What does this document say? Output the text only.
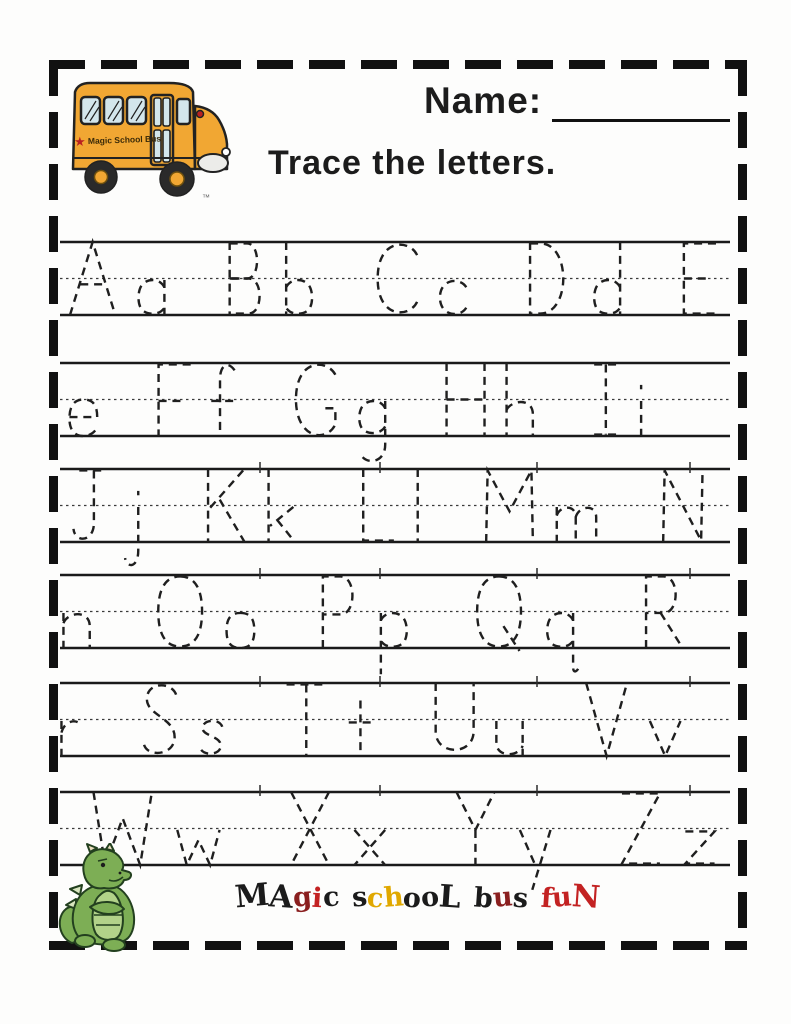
★ Magic School Bus
™
Name:
Trace the letters.
MAgic schooL bus fuN
